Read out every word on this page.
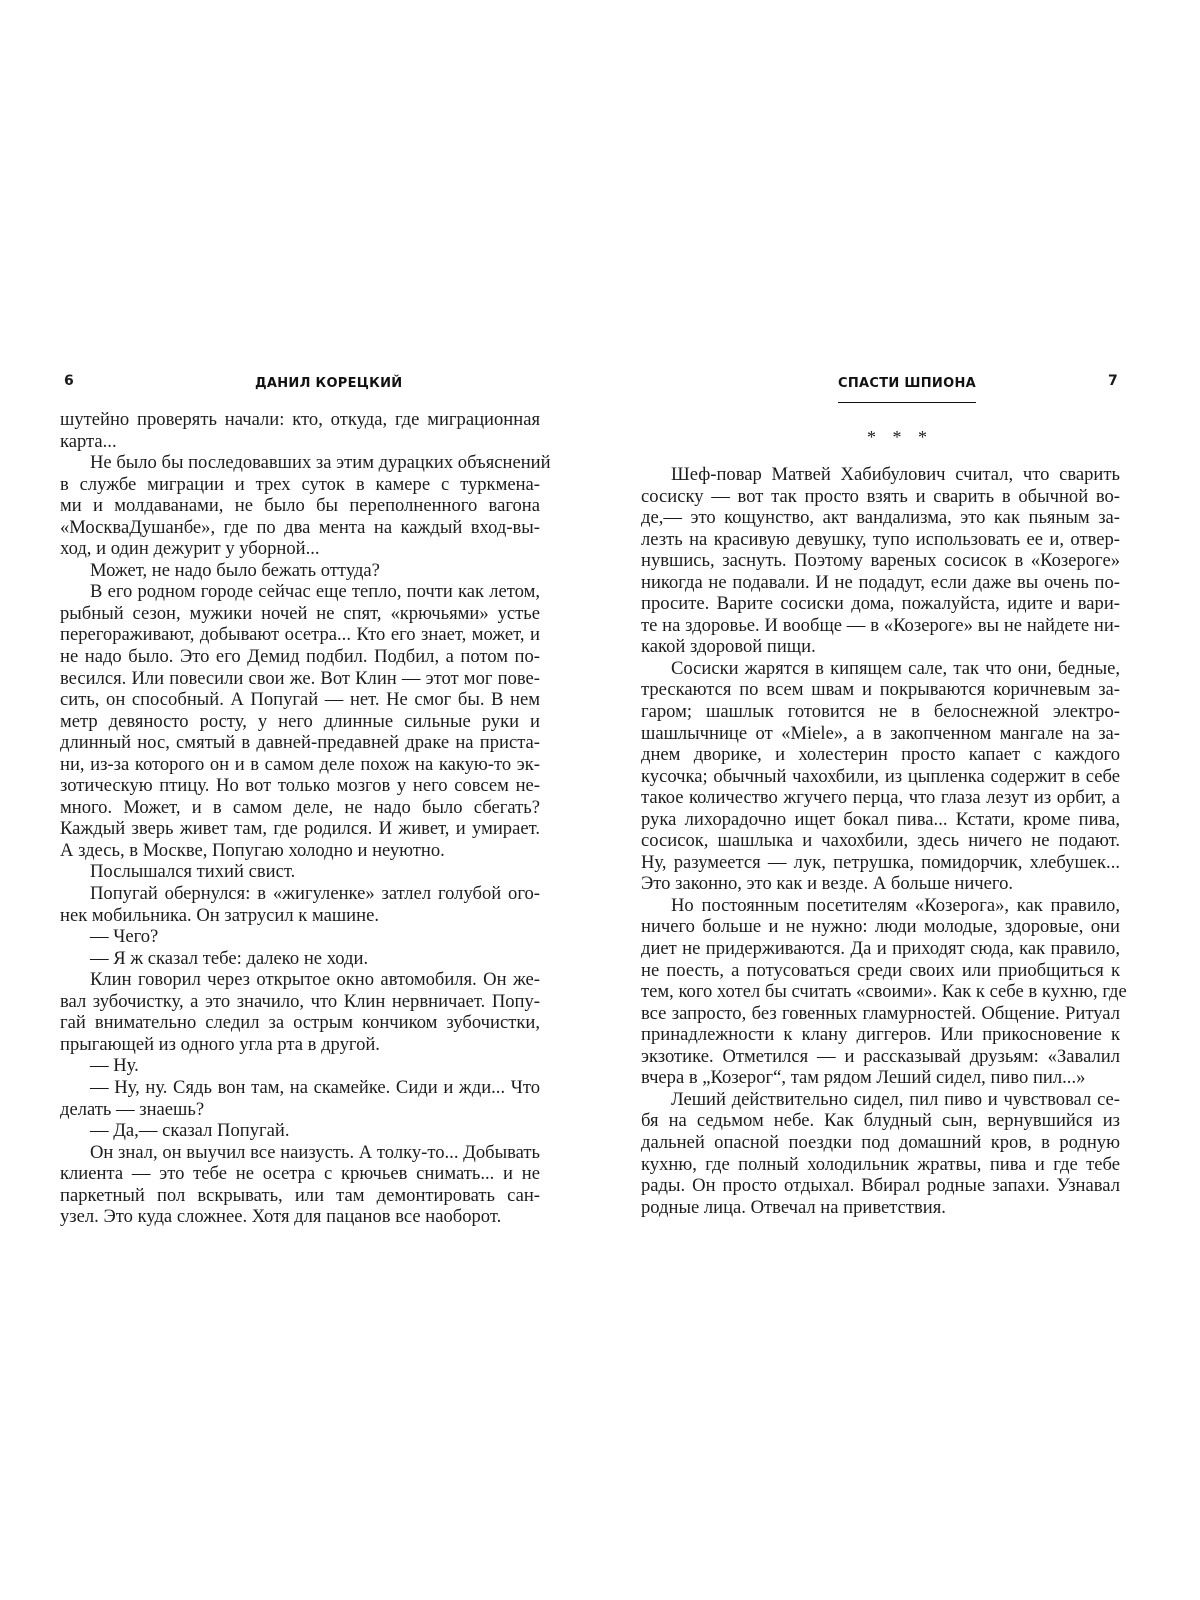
6	ДАНИЛ КОРЕЦКИЙ
шутейно проверять начали: кто, откуда, где миграционная
карта...
Не было бы последовавших за этим дурацких объяснений
в службе миграции и трех суток в камере с туркмена-
ми и молдаванами, не было бы переполненного вагона
«МоскваДушанбе», где по два мента на каждый вход-вы-
ход, и один дежурит у уборной...
Может, не надо было бежать оттуда?
В его родном городе сейчас еще тепло, почти как летом,
рыбный сезон, мужики ночей не спят, «крючьями» устье
перегораживают, добывают осетра... Кто его знает, может, и
не надо было. Это его Демид подбил. Подбил, а потом по-
весился. Или повесили свои же. Вот Клин — этот мог пове-
сить, он способный. А Попугай — нет. Не смог бы. В нем
метр девяносто росту, у него длинные сильные руки и
длинный нос, смятый в давней-предавней драке на приста-
ни, из-за которого он и в самом деле похож на какую-то эк-
зотическую птицу. Но вот только мозгов у него совсем не-
много. Может, и в самом деле, не надо было сбегать?
Каждый зверь живет там, где родился. И живет, и умирает.
А здесь, в Москве, Попугаю холодно и неуютно.
Послышался тихий свист.
Попугай обернулся: в «жигуленке» затлел голубой ого-
нек мобильника. Он затрусил к машине.
— Чего?
— Я ж сказал тебе: далеко не ходи.
Клин говорил через открытое окно автомобиля. Он же-
вал зубочистку, а это значило, что Клин нервничает. Попу-
гай внимательно следил за острым кончиком зубочистки,
прыгающей из одного угла рта в другой.
— Ну.
— Ну, ну. Сядь вон там, на скамейке. Сиди и жди... Что
делать — знаешь?
— Да,— сказал Попугай.
Он знал, он выучил все наизусть. А толку-то... Добывать
клиента — это тебе не осетра с крючьев снимать... и не
паркетный пол вскрывать, или там демонтировать сан-
узел. Это куда сложнее. Хотя для пацанов все наоборот.
СПАСТИ ШПИОНА	7
* * *
Шеф-повар Матвей Хабибулович считал, что сварить
сосиску — вот так просто взять и сварить в обычной во-
де,— это кощунство, акт вандализма, это как пьяным за-
лезть на красивую девушку, тупо использовать ее и, отвер-
нувшись, заснуть. Поэтому вареных сосисок в «Козероге»
никогда не подавали. И не подадут, если даже вы очень по-
просите. Варите сосиски дома, пожалуйста, идите и вари-
те на здоровье. И вообще — в «Козероге» вы не найдете ни-
какой здоровой пищи.
Сосиски жарятся в кипящем сале, так что они, бедные,
трескаются по всем швам и покрываются коричневым за-
гаром; шашлык готовится не в белоснежной электро-
шашлычнице от «Miele», а в закопченном мангале на за-
днем дворике, и холестерин просто капает с каждого
кусочка; обычный чахохбили, из цыпленка содержит в себе
такое количество жгучего перца, что глаза лезут из орбит, а
рука лихорадочно ищет бокал пива... Кстати, кроме пива,
сосисок, шашлыка и чахохбили, здесь ничего не подают.
Ну, разумеется — лук, петрушка, помидорчик, хлебушек...
Это законно, это как и везде. А больше ничего.
Но постоянным посетителям «Козерога», как правило,
ничего больше и не нужно: люди молодые, здоровые, они
диет не придерживаются. Да и приходят сюда, как правило,
не поесть, а потусоваться среди своих или приобщиться к
тем, кого хотел бы считать «своими». Как к себе в кухню, где
все запросто, без говенных гламурностей. Общение. Ритуал
принадлежности к клану диггеров. Или прикосновение к
экзотике. Отметился — и рассказывай друзьям: «Завалил
вчера в „Козерог“, там рядом Леший сидел, пиво пил...»
Леший действительно сидел, пил пиво и чувствовал се-
бя на седьмом небе. Как блудный сын, вернувшийся из
дальней опасной поездки под домашний кров, в родную
кухню, где полный холодильник жратвы, пива и где тебе
рады. Он просто отдыхал. Вбирал родные запахи. Узнавал
родные лица. Отвечал на приветствия.
